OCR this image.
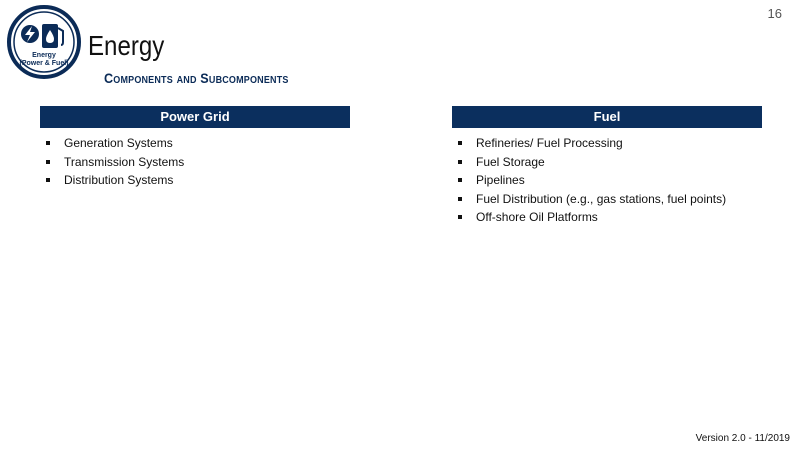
16
Energy
(Power & Fuel)
Energy
Components and Subcomponents
Power Grid
Generation Systems
Transmission Systems
Distribution Systems
Fuel
Refineries/ Fuel Processing
Fuel Storage
Pipelines
Fuel Distribution (e.g., gas stations, fuel points)
Off-shore Oil Platforms
Version 2.0 - 11/2019
